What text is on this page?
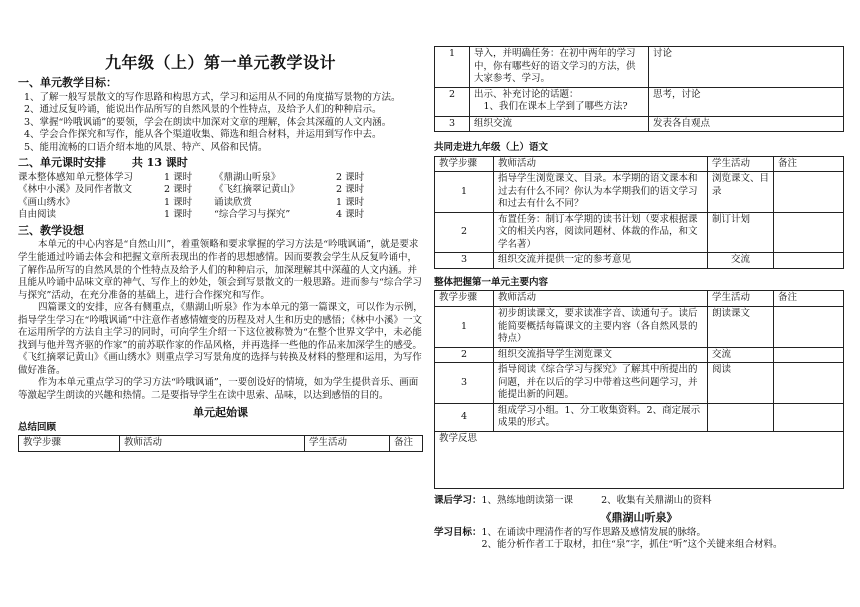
九年级（上）第一单元教学设计
一、单元教学目标：

1、了解一般写景散文的写作思路和构思方式，学习和运用从不同的角度描写景物的方法。

2、通过反复吟诵，能说出作品所写的自然风景的个性特点，及给予人们的种种启示。

3、掌握“吟哦讽诵”的要领，学会在朗读中加深对文章的理解，体会其深蕴的人文内涵。

4、学会合作探究和写作，能从各个渠道收集、筛选和组合材料，并运用到写作中去。

5、能用流畅的口语介绍本地的风景、特产、风俗和民情。

二、单元课时安排 共 13 课时
课本整体感知	单元整体学习	1 课时	《鼎湖山听泉》	2 课时
《林中小溪》及同作者散文		2 课时	《飞红摘翠记黄山》	2 课时
《画山绣水》		1 课时	诵读欣赏	1 课时
自由阅读		1 课时	“综合学习与探究”	4 课时
三、教学设想

本单元的中心内容是“自然山川”，着重领略和要求掌握的学习方法是“吟哦讽诵”，就是要求学生能通过吟诵去体会和把握文章所表现出的作者的思想感情。因而要教会学生从反复吟诵中，了解作品所写的自然风景的个性特点及给予人们的种种启示，加深理解其中深蕴的人文内涵。并且能从吟诵中品味文章的神气、写作上的妙处，领会到写景散文的一般思路。进而参与“综合学习与探究”活动，在充分准备的基础上，进行合作探究和写作。

四篇课文的安排，应各有侧重点，《鼎湖山听泉》作为本单元的第一篇课文，可以作为示例，指导学生学习在“吟哦讽诵”中注意作者感情嬗变的历程及对人生和历史的感悟；《林中小溪》一文在运用所学的方法自主学习的同时，可向学生介绍一下这位被称赞为“在整个世界文学中，未必能找到与他并驾齐驱的作家”的前苏联作家的作品风格，并再选择一些他的作品来加深学生的感受。《飞红摘翠记黄山》《画山绣水》则重点学习写景角度的选择与转换及材料的整理和运用，为写作做好准备。

作为本单元重点学习的学习方法“吟哦讽诵”，一要创设好的情境，如为学生提供音乐、画面等激起学生朗读的兴趣和热情。二是要指导学生在读中思索、品味，以达到感悟的目的。

单元起始课
总结回顾
教学步骤	教师活动	学生活动	备注
1	导入，并明确任务：在初中两年的学习中，你有哪些好的语文学习的方法，供大家参考、学习。	讨论
2	出示、补充讨论的话题：
　1、我们在课本上学到了哪些方法?	思考，讨论
3	组织交流	发表各自观点
共同走进九年级（上）语文
教学步骤	教师活动	学生活动	备注
1	指导学生浏览课文、目录。本学期的语文课本和过去有什么不同？你认为本学期我们的语文学习和过去有什么不同？	浏览课文、目录	
2	布置任务：制订本学期的读书计划（要求根据课文的相关内容，阅读同题材、体裁的作品，和文学名著）	制订计划	
3	组织交流并提供一定的参考意见	交流	
整体把握第一单元主要内容
教学步骤	教师活动	学生活动	备注
1	初步朗读课文，要求读准字音、读通句子。读后能简要概括每篇课文的主要内容（各自然风景的特点）	朗读课文	
2	组织交流指导学生浏览课文	交流	
3	指导阅读《综合学习与探究》了解其中所提出的问题，并在以后的学习中带着这些问题学习，并能提出新的问题。	阅读	
4	组成学习小组。1、分工收集资料。2、商定展示成果的形式。		
教学反思			
课后学习：1、熟练地朗读第一课	2、收集有关鼎湖山的资料
《鼎湖山听泉》
学习目标： 1、在诵读中理清作者的写作思路及感情发展的脉络。
2、能分析作者工于取材，扣住“泉”字，抓住“听”这个关键来组合材料。
